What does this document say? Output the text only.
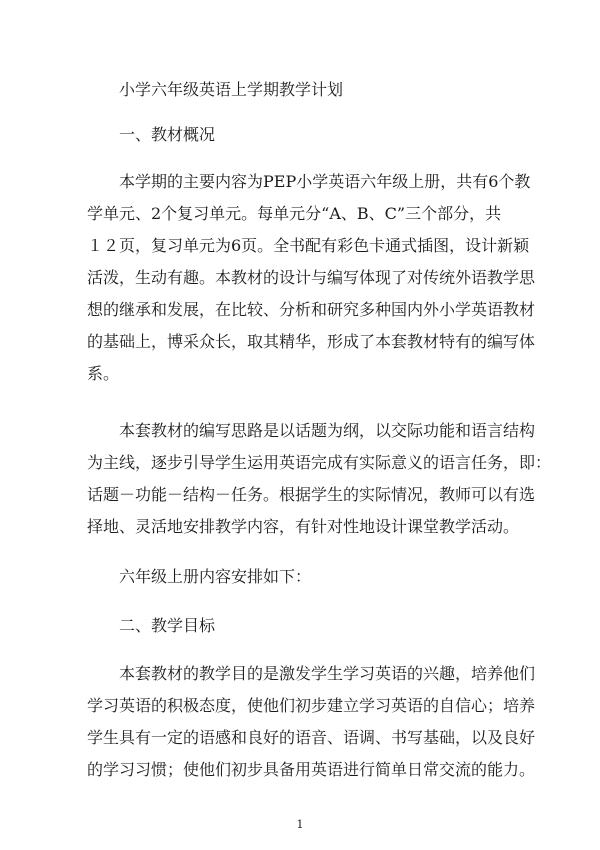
小学六年级英语上学期教学计划

一、教材概况

本学期的主要内容为PEP小学英语六年级上册，共有6个教

学单元、2个复习单元。每单元分“A、B、C”三个部分，共

１２页，复习单元为6页。全书配有彩色卡通式插图，设计新颖

活泼，生动有趣。本教材的设计与编写体现了对传统外语教学思

想的继承和发展，在比较、分析和研究多种国内外小学英语教材

的基础上，博采众长，取其精华，形成了本套教材特有的编写体

系。

本套教材的编写思路是以话题为纲，以交际功能和语言结构

为主线，逐步引导学生运用英语完成有实际意义的语言任务，即：

话题－功能－结构－任务。根据学生的实际情况，教师可以有选

择地、灵活地安排教学内容，有针对性地设计课堂教学活动。

六年级上册内容安排如下：

二、教学目标

本套教材的教学目的是激发学生学习英语的兴趣，培养他们

学习英语的积极态度，使他们初步建立学习英语的自信心；培养

学生具有一定的语感和良好的语音、语调、书写基础，以及良好

的学习习惯；使他们初步具备用英语进行简单日常交流的能力。

1
